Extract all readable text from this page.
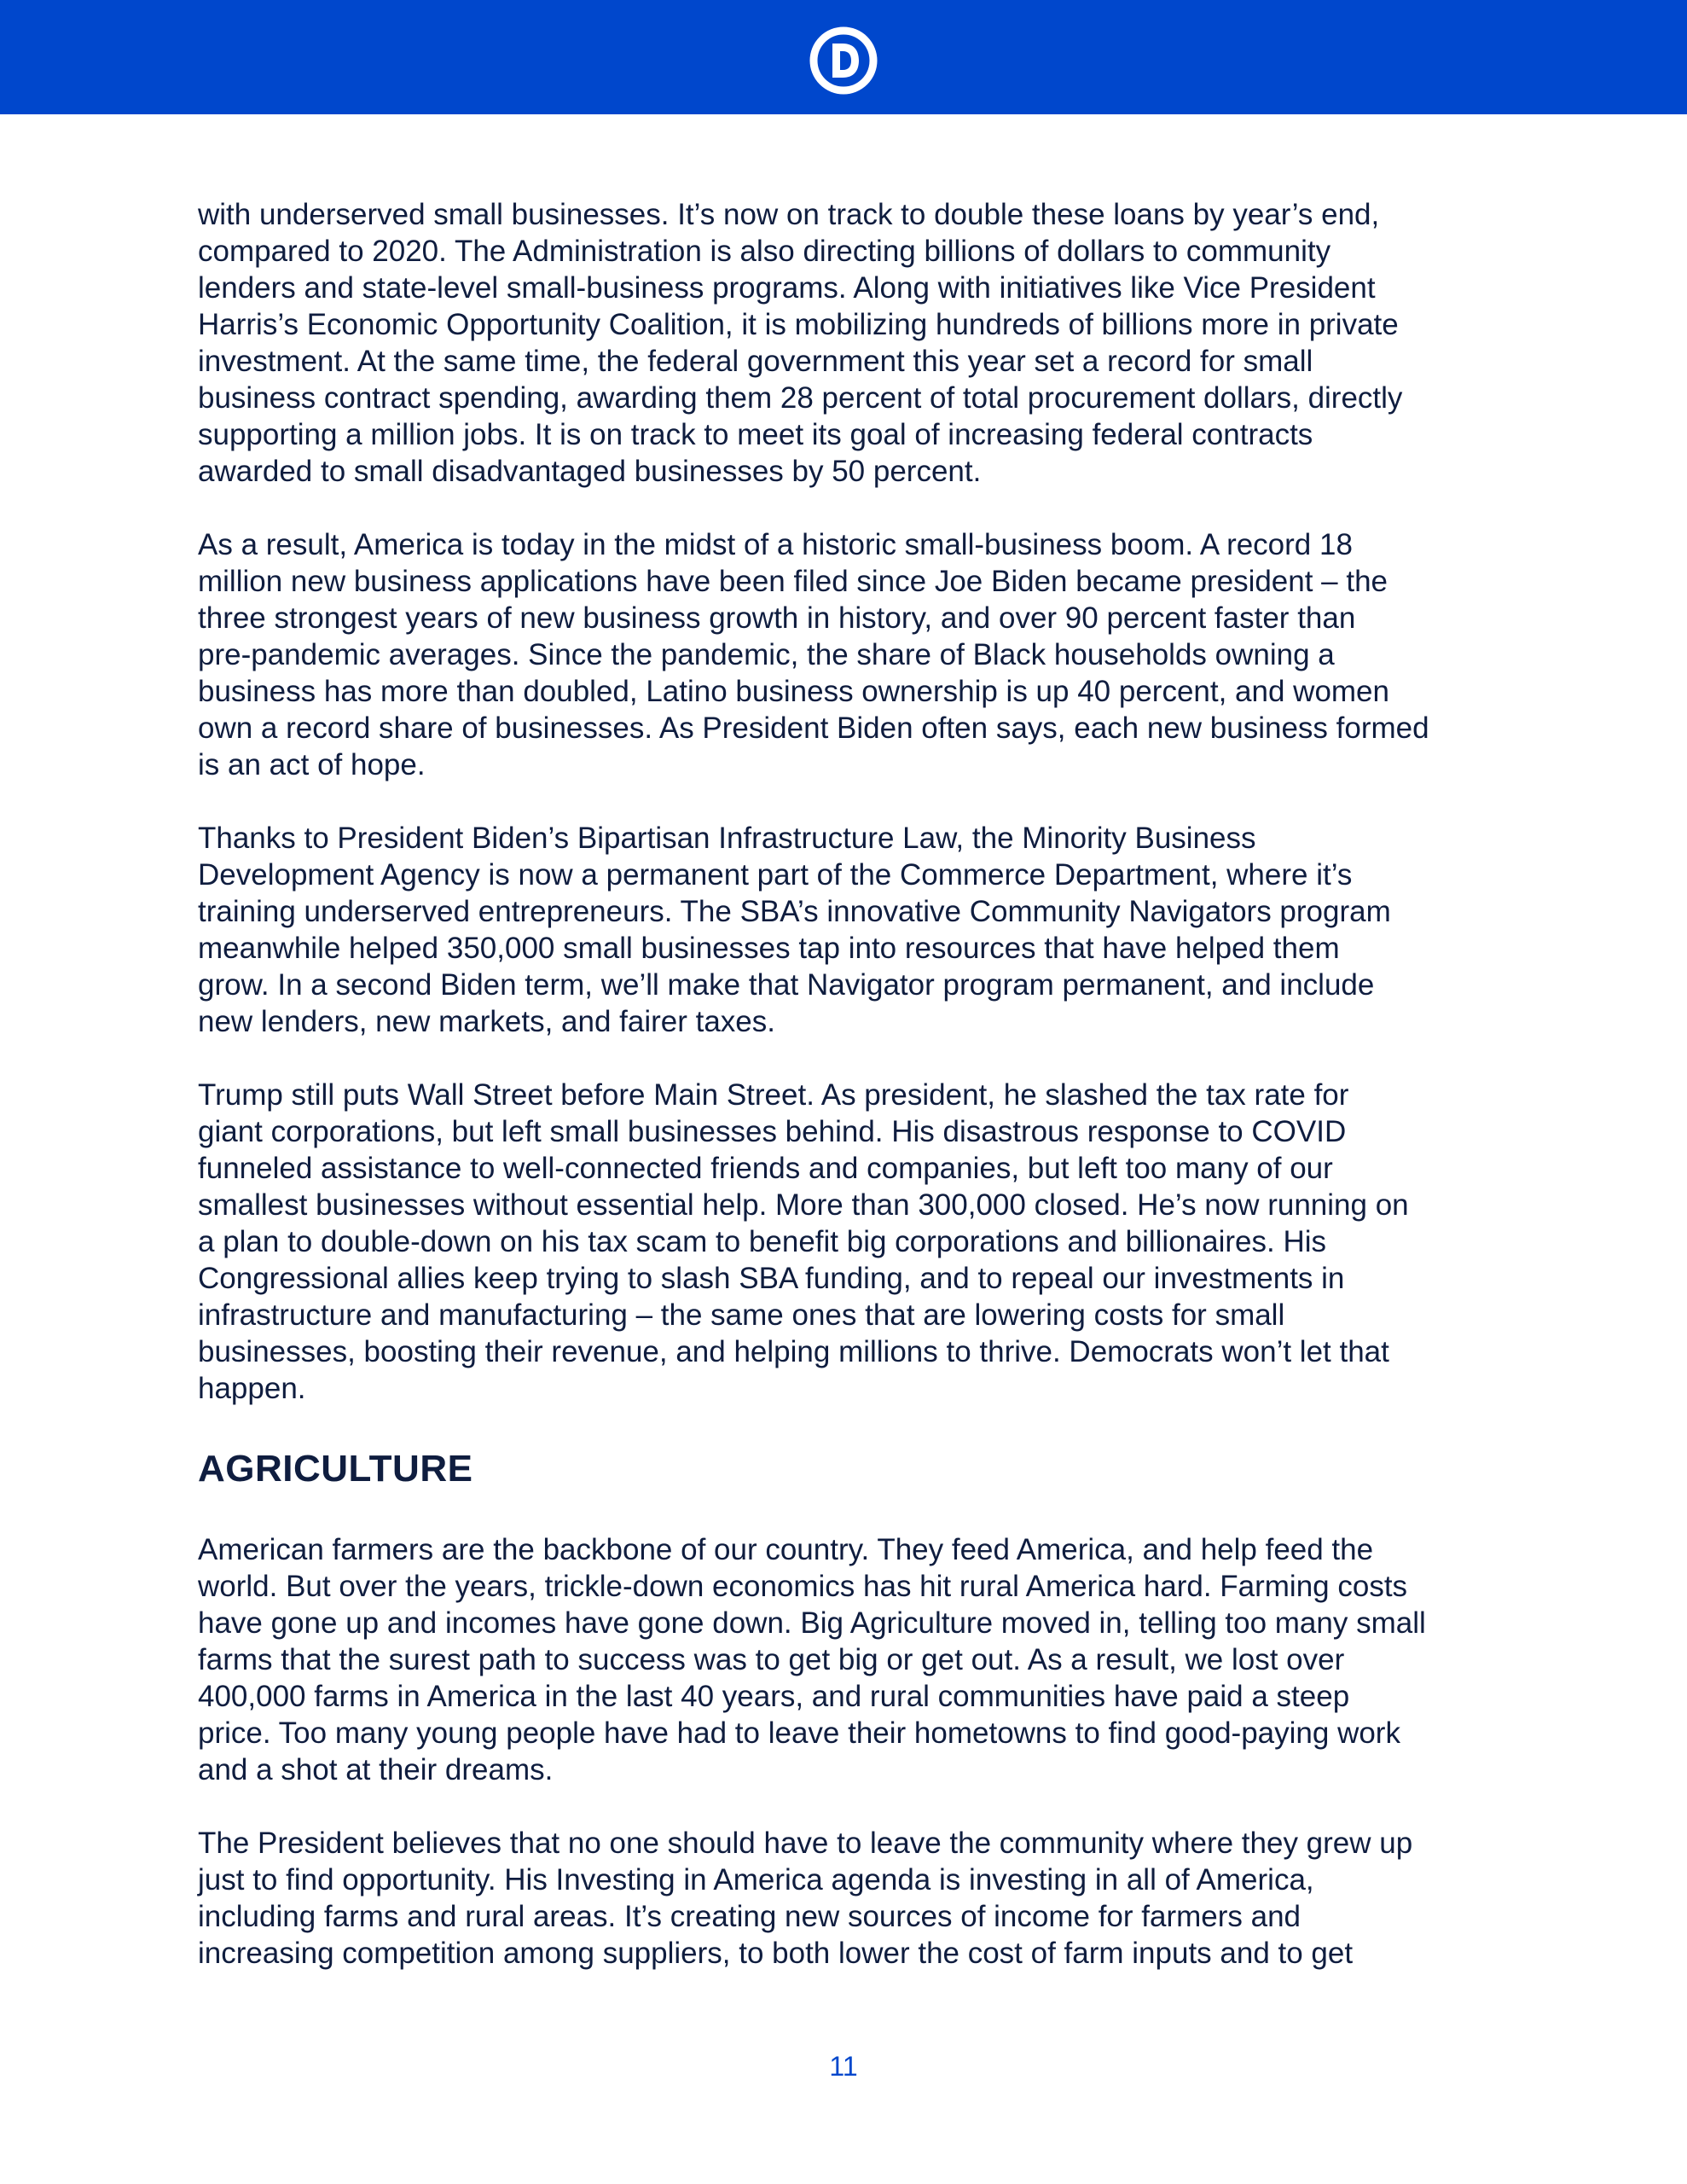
with underserved small businesses. It’s now on track to double these loans by year’s end,
compared to 2020. The Administration is also directing billions of dollars to community
lenders and state-level small-business programs. Along with initiatives like Vice President
Harris’s Economic Opportunity Coalition, it is mobilizing hundreds of billions more in private
investment. At the same time, the federal government this year set a record for small
business contract spending, awarding them 28 percent of total procurement dollars, directly
supporting a million jobs. It is on track to meet its goal of increasing federal contracts
awarded to small disadvantaged businesses by 50 percent.

As a result, America is today in the midst of a historic small-business boom. A record 18
million new business applications have been filed since Joe Biden became president – the
three strongest years of new business growth in history, and over 90 percent faster than
pre-pandemic averages. Since the pandemic, the share of Black households owning a
business has more than doubled, Latino business ownership is up 40 percent, and women
own a record share of businesses. As President Biden often says, each new business formed
is an act of hope.

Thanks to President Biden’s Bipartisan Infrastructure Law, the Minority Business
Development Agency is now a permanent part of the Commerce Department, where it’s
training underserved entrepreneurs. The SBA’s innovative Community Navigators program
meanwhile helped 350,000 small businesses tap into resources that have helped them
grow. In a second Biden term, we’ll make that Navigator program permanent, and include
new lenders, new markets, and fairer taxes.

Trump still puts Wall Street before Main Street. As president, he slashed the tax rate for
giant corporations, but left small businesses behind. His disastrous response to COVID
funneled assistance to well-connected friends and companies, but left too many of our
smallest businesses without essential help. More than 300,000 closed. He’s now running on
a plan to double-down on his tax scam to benefit big corporations and billionaires. His
Congressional allies keep trying to slash SBA funding, and to repeal our investments in
infrastructure and manufacturing – the same ones that are lowering costs for small
businesses, boosting their revenue, and helping millions to thrive. Democrats won’t let that
happen.

AGRICULTURE

American farmers are the backbone of our country. They feed America, and help feed the
world. But over the years, trickle-down economics has hit rural America hard. Farming costs
have gone up and incomes have gone down. Big Agriculture moved in, telling too many small
farms that the surest path to success was to get big or get out. As a result, we lost over
400,000 farms in America in the last 40 years, and rural communities have paid a steep
price. Too many young people have had to leave their hometowns to find good-paying work
and a shot at their dreams.

The President believes that no one should have to leave the community where they grew up
just to find opportunity. His Investing in America agenda is investing in all of America,
including farms and rural areas. It’s creating new sources of income for farmers and
increasing competition among suppliers, to both lower the cost of farm inputs and to get

11
